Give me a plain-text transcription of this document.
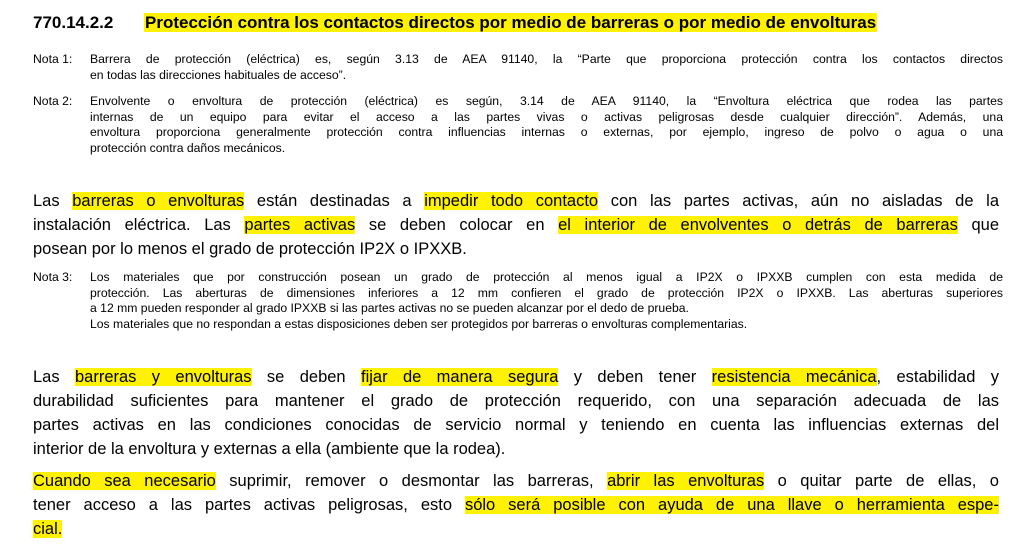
770.14.2.2 Protección contra los contactos directos por medio de barreras o por medio de envolturas
Nota 1: Barrera de protección (eléctrica) es, según 3.13 de AEA 91140, la “Parte que proporciona protección contra los contactos directos
en todas las direcciones habituales de acceso”.
Nota 2: Envolvente o envoltura de protección (eléctrica) es según, 3.14 de AEA 91140, la “Envoltura eléctrica que rodea las partes
internas de un equipo para evitar el acceso a las partes vivas o activas peligrosas desde cualquier dirección”. Además, una
envoltura proporciona generalmente protección contra influencias internas o externas, por ejemplo, ingreso de polvo o agua o una
protección contra daños mecánicos.
Las barreras o envolturas están destinadas a impedir todo contacto con las partes activas, aún no aisladas de la
instalación eléctrica. Las partes activas se deben colocar en el interior de envolventes o detrás de barreras que
posean por lo menos el grado de protección IP2X o IPXXB.
Nota 3: Los materiales que por construcción posean un grado de protección al menos igual a IP2X o IPXXB cumplen con esta medida de
protección. Las aberturas de dimensiones inferiores a 12 mm confieren el grado de protección IP2X o IPXXB. Las aberturas superiores
a 12 mm pueden responder al grado IPXXB si las partes activas no se pueden alcanzar por el dedo de prueba.
Los materiales que no respondan a estas disposiciones deben ser protegidos por barreras o envolturas complementarias.
Las barreras y envolturas se deben fijar de manera segura y deben tener resistencia mecánica, estabilidad y
durabilidad suficientes para mantener el grado de protección requerido, con una separación adecuada de las
partes activas en las condiciones conocidas de servicio normal y teniendo en cuenta las influencias externas del
interior de la envoltura y externas a ella (ambiente que la rodea).
Cuando sea necesario suprimir, remover o desmontar las barreras, abrir las envolturas o quitar parte de ellas, o
tener acceso a las partes activas peligrosas, esto sólo será posible con ayuda de una llave o herramienta espe-
cial.
